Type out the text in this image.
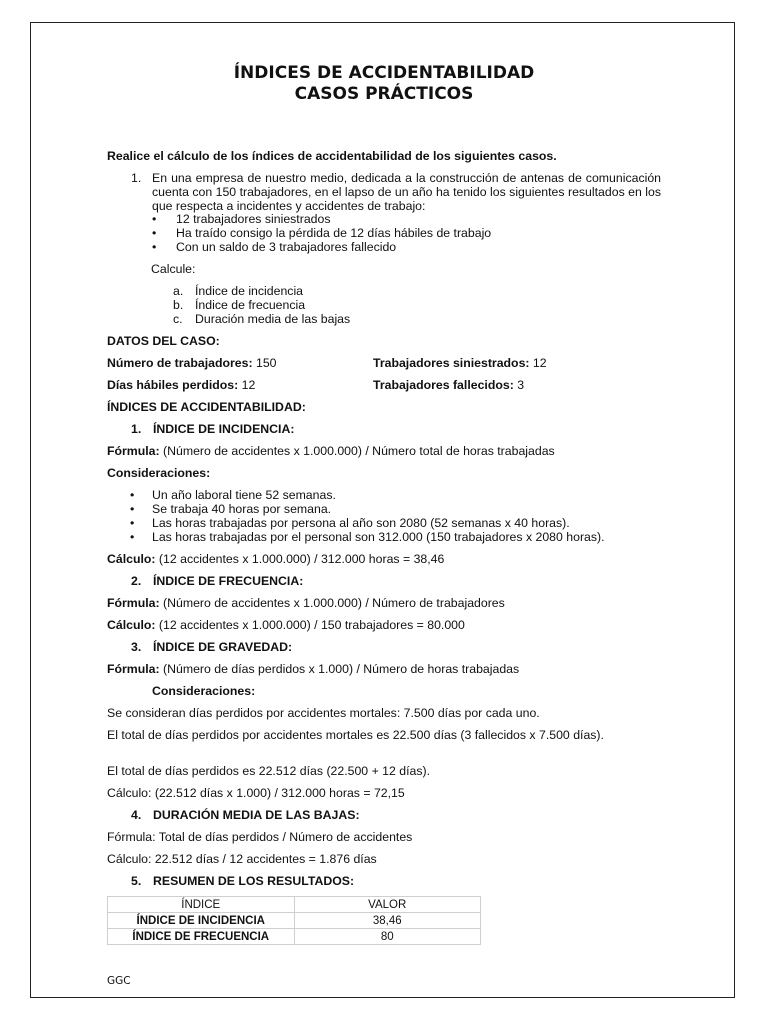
ÍNDICES DE ACCIDENTABILIDAD
CASOS PRÁCTICOS
Realice el cálculo de los índices de accidentabilidad de los siguientes casos.
1. En una empresa de nuestro medio, dedicada a la construcción de antenas de comunicación cuenta con 150 trabajadores, en el lapso de un año ha tenido los siguientes resultados en los que respecta a incidentes y accidentes de trabajo:
• 12 trabajadores siniestrados
• Ha traído consigo la pérdida de 12 días hábiles de trabajo
• Con un saldo de 3 trabajadores fallecido
Calcule:
a. Índice de incidencia
b. Índice de frecuencia
c. Duración media de las bajas
DATOS DEL CASO:
Número de trabajadores: 150	Trabajadores siniestrados: 12
Días hábiles perdidos: 12	Trabajadores fallecidos: 3
ÍNDICES DE ACCIDENTABILIDAD:
1. ÍNDICE DE INCIDENCIA:
Fórmula: (Número de accidentes x 1.000.000) / Número total de horas trabajadas
Consideraciones:
• Un año laboral tiene 52 semanas.
• Se trabaja 40 horas por semana.
• Las horas trabajadas por persona al año son 2080 (52 semanas x 40 horas).
• Las horas trabajadas por el personal son 312.000 (150 trabajadores x 2080 horas).
Cálculo: (12 accidentes x 1.000.000) / 312.000 horas = 38,46
2. ÍNDICE DE FRECUENCIA:
Fórmula: (Número de accidentes x 1.000.000) / Número de trabajadores
Cálculo: (12 accidentes x 1.000.000) / 150 trabajadores = 80.000
3. ÍNDICE DE GRAVEDAD:
Fórmula: (Número de días perdidos x 1.000) / Número de horas trabajadas
Consideraciones:
Se consideran días perdidos por accidentes mortales: 7.500 días por cada uno.
El total de días perdidos por accidentes mortales es 22.500 días (3 fallecidos x 7.500 días).
El total de días perdidos es 22.512 días (22.500 + 12 días).
Cálculo: (22.512 días x 1.000) / 312.000 horas = 72,15
4. DURACIÓN MEDIA DE LAS BAJAS:
Fórmula: Total de días perdidos / Número de accidentes
Cálculo: 22.512 días / 12 accidentes = 1.876 días
5. RESUMEN DE LOS RESULTADOS:
ÍNDICE	VALOR
ÍNDICE DE INCIDENCIA	38,46
ÍNDICE DE FRECUENCIA	80
GGC
